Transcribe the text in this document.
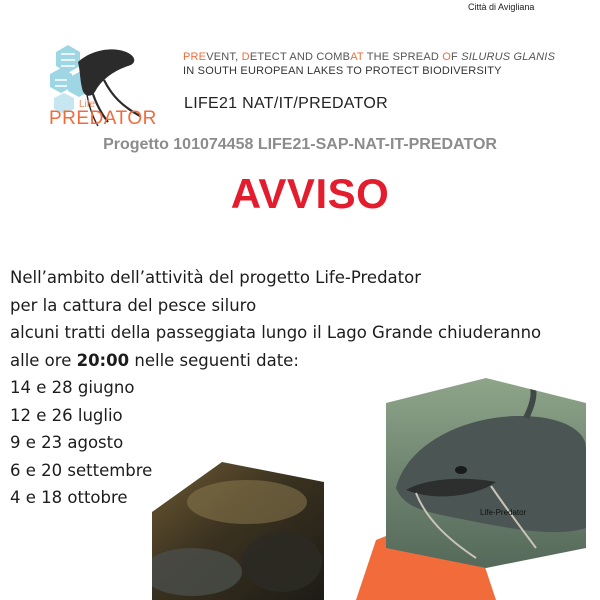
Città di Avigliana
Life
PREDATOR
PREVENT, DETECT AND COMBAT THE SPREAD OF SILURUS GLANIS
IN SOUTH EUROPEAN LAKES TO PROTECT BIODIVERSITY
LIFE21 NAT/IT/PREDATOR
Progetto 101074458 LIFE21-SAP-NAT-IT-PREDATOR
AVVISO
Nell’ambito dell’attività del progetto Life-Predator
per la cattura del pesce siluro
alcuni tratti della passeggiata lungo il Lago Grande chiuderanno
alle ore 20:00 nelle seguenti date:
14 e 28 giugno
12 e 26 luglio
9 e 23 agosto
6 e 20 settembre
4 e 18 ottobre
Life-Predator
